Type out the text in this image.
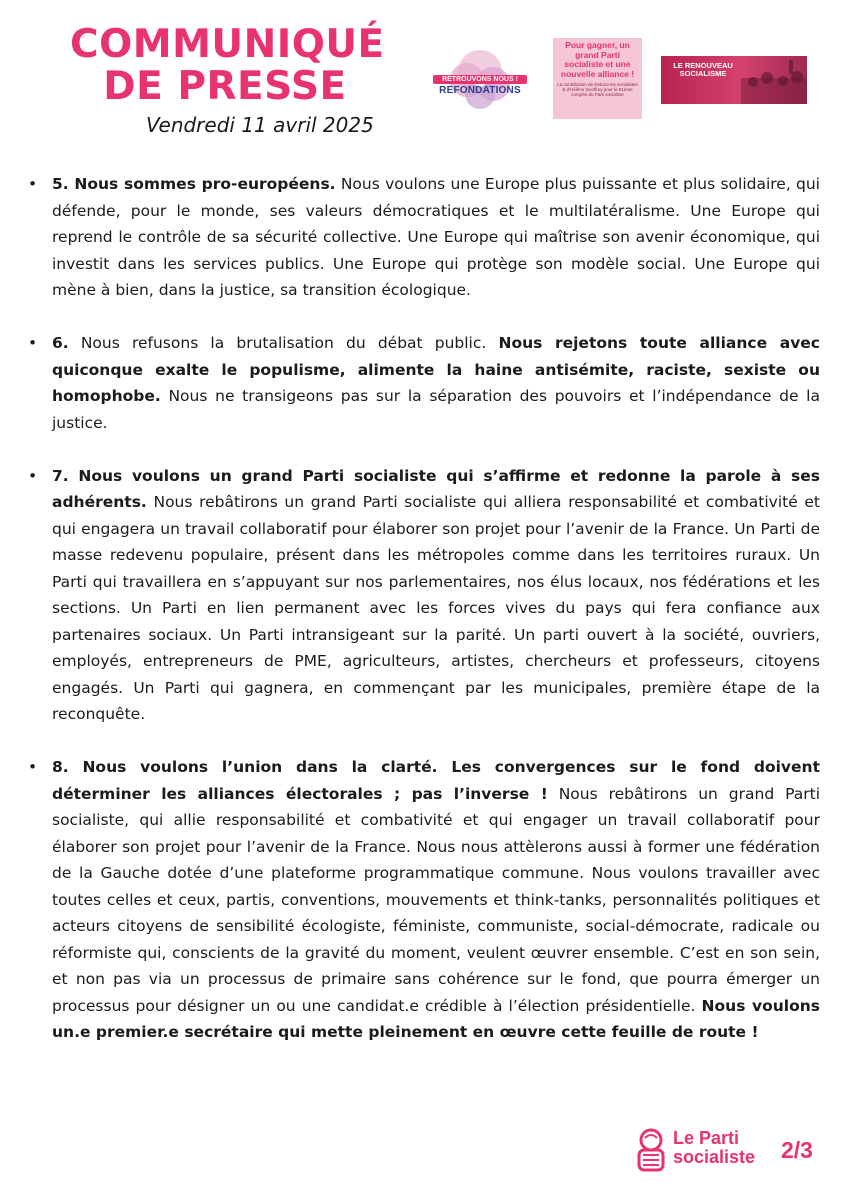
COMMUNIQUÉ
DE PRESSE
Vendredi 11 avril 2025
RETROUVONS NOUS !
REFONDATIONS
Pour gagner, un grand Parti socialiste et une nouvelle alliance !
La contribution de Debout les socialistes & d'Hélène Geoffroy pour le 81ème congrès du Parti socialiste
LE RENOUVEAU SOCIALISME
• 5. Nous sommes pro-européens. Nous voulons une Europe plus puissante et plus solidaire, qui défende, pour le monde, ses valeurs démocratiques et le multilatéralisme. Une Europe qui reprend le contrôle de sa sécurité collective. Une Europe qui maîtrise son avenir économique, qui investit dans les services publics. Une Europe qui protège son modèle social. Une Europe qui mène à bien, dans la justice, sa transition écologique.

• 6. Nous refusons la brutalisation du débat public. Nous rejetons toute alliance avec quiconque exalte le populisme, alimente la haine antisémite, raciste, sexiste ou homophobe. Nous ne transigeons pas sur la séparation des pouvoirs et l’indépendance de la justice.

• 7. Nous voulons un grand Parti socialiste qui s’affirme et redonne la parole à ses adhérents. Nous rebâtirons un grand Parti socialiste qui alliera responsabilité et combativité et qui engagera un travail collaboratif pour élaborer son projet pour l’avenir de la France. Un Parti de masse redevenu populaire, présent dans les métropoles comme dans les territoires ruraux. Un Parti qui travaillera en s’appuyant sur nos parlementaires, nos élus locaux, nos fédérations et les sections. Un Parti en lien permanent avec les forces vives du pays qui fera confiance aux partenaires sociaux. Un Parti intransigeant sur la parité. Un parti ouvert à la société, ouvriers, employés, entrepreneurs de PME, agriculteurs, artistes, chercheurs et professeurs, citoyens engagés. Un Parti qui gagnera, en commençant par les municipales, première étape de la reconquête.

• 8. Nous voulons l’union dans la clarté. Les convergences sur le fond doivent déterminer les alliances électorales ; pas l’inverse ! Nous rebâtirons un grand Parti socialiste, qui allie responsabilité et combativité et qui engager un travail collaboratif pour élaborer son projet pour l’avenir de la France. Nous nous attèlerons aussi à former une fédération de la Gauche dotée d’une plateforme programmatique commune. Nous voulons travailler avec toutes celles et ceux, partis, conventions, mouvements et think-tanks, personnalités politiques et acteurs citoyens de sensibilité écologiste, féministe, communiste, social-démocrate, radicale ou réformiste qui, conscients de la gravité du moment, veulent œuvrer ensemble. C’est en son sein, et non pas via un processus de primaire sans cohérence sur le fond, que pourra émerger un processus pour désigner un ou une candidat.e crédible à l’élection présidentielle. Nous voulons un.e premier.e secrétaire qui mette pleinement en œuvre cette feuille de route !

Le Parti
socialiste 2/3
